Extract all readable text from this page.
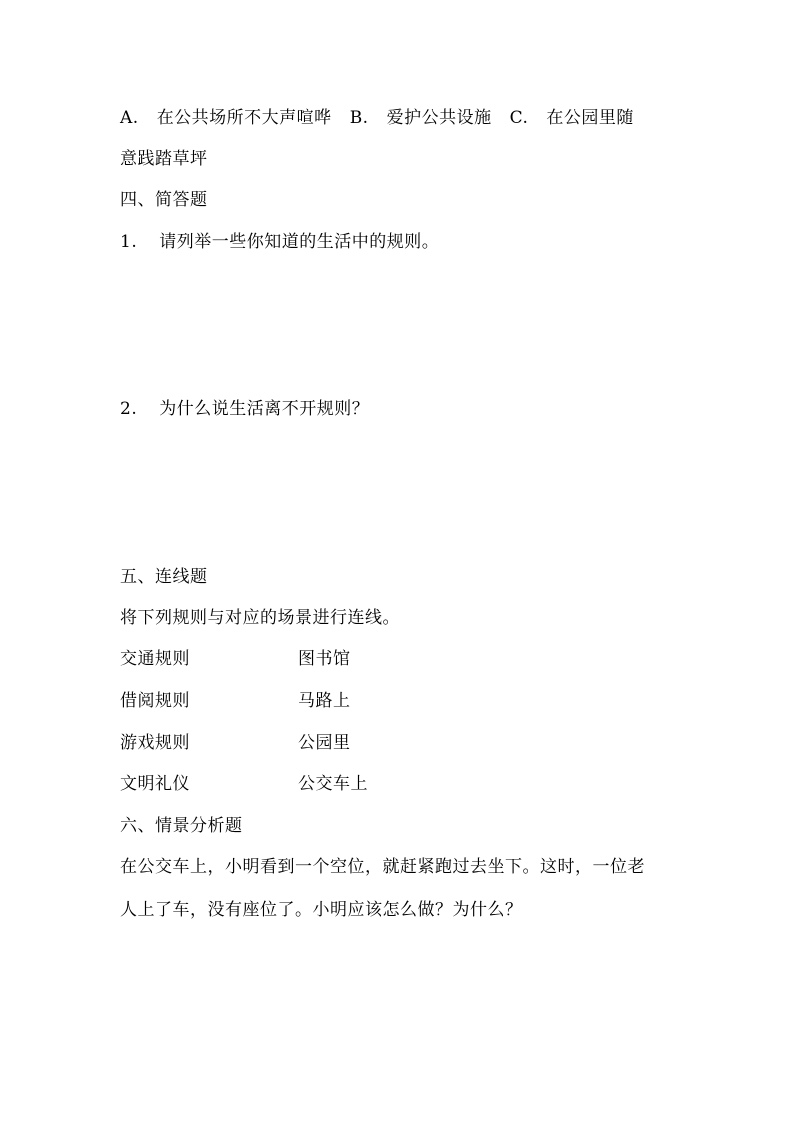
A. 在公共场所不大声喧哗 B. 爱护公共设施 C. 在公园里随
意践踏草坪
四、简答题
1. 请列举一些你知道的生活中的规则。
2. 为什么说生活离不开规则？
五、连线题
将下列规则与对应的场景进行连线。
交通规则	图书馆
借阅规则	马路上
游戏规则	公园里
文明礼仪	公交车上
六、情景分析题
在公交车上，小明看到一个空位，就赶紧跑过去坐下。这时，一位老
人上了车，没有座位了。小明应该怎么做？为什么？
